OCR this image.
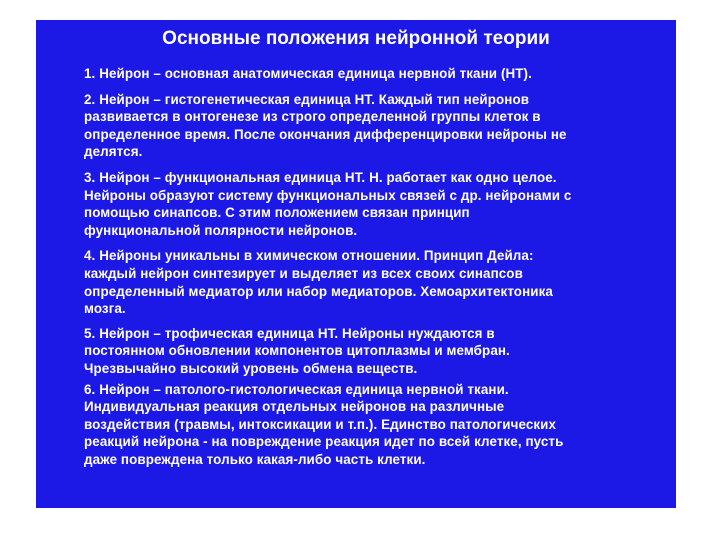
Основные положения нейронной теории
1. Нейрон – основная анатомическая единица нервной ткани (НТ).
2. Нейрон – гистогенетическая единица НТ. Каждый тип нейронов
развивается в онтогенезе из строго определенной группы клеток в
определенное время. После окончания дифференцировки нейроны не
делятся.
3. Нейрон – функциональная единица НТ. Н. работает как одно целое.
Нейроны образуют систему функциональных связей с др. нейронами с
помощью синапсов. С этим положением связан принцип
функциональной полярности нейронов.
4. Нейроны уникальны в химическом отношении. Принцип Дейла:
каждый нейрон синтезирует и выделяет из всех своих синапсов
определенный медиатор или набор медиаторов. Хемоархитектоника
мозга.
5. Нейрон – трофическая единица НТ. Нейроны нуждаются в
постоянном обновлении компонентов цитоплазмы и мембран.
Чрезвычайно высокий уровень обмена веществ.
6. Нейрон – патолого-гистологическая единица нервной ткани.
Индивидуальная реакция отдельных нейронов на различные
воздействия (травмы, интоксикации и т.п.). Единство патологических
реакций нейрона - на повреждение реакция идет по всей клетке, пусть
даже повреждена только какая-либо часть клетки.
